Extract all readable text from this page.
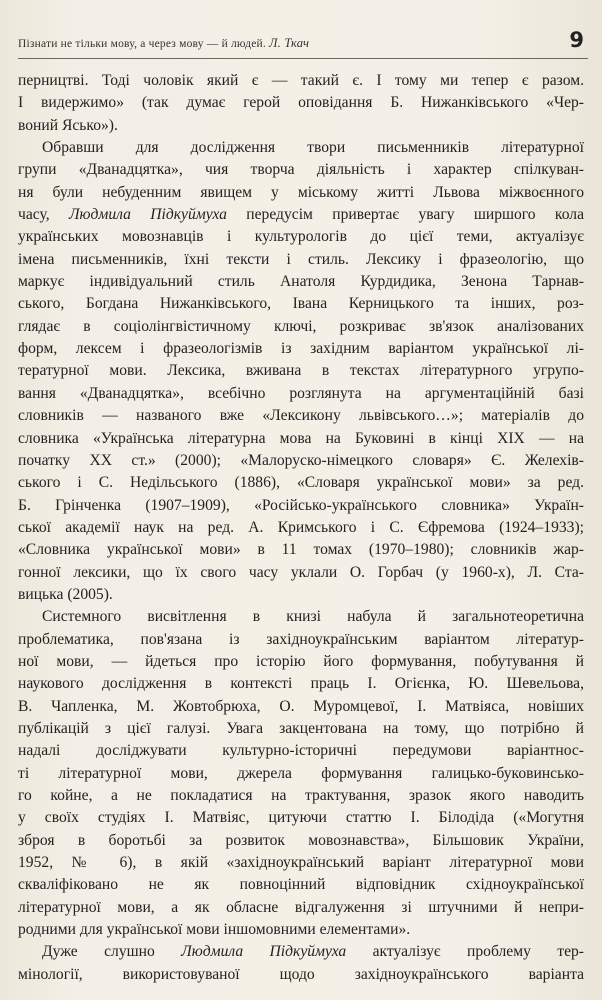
Пізнати не тільки мову, а через мову — й людей. Л. Ткач	9
перництві. Тоді чоловік який є — такий є. І тому ми тепер є разом.
І видержимо» (так думає герой оповідання Б. Нижанківського «Чер-
воний Ясько»).
Обравши для дослідження твори письменників літературної
групи «Дванадцятка», чия творча діяльність і характер спілкуван-
ня були небуденним явищем у міському житті Львова міжвоєнного
часу, Людмила Підкуймуха передусім привертає увагу ширшого кола
українських мовознавців і культурологів до цієї теми, актуалізує
імена письменників, їхні тексти і стиль. Лексику і фразеологію, що
маркує індивідуальний стиль Анатоля Курдидика, Зенона Тарнав-
ського, Богдана Нижанківського, Івана Керницького та інших, роз-
глядає в соціолінгвістичному ключі, розкриває зв'язок аналізованих
форм, лексем і фразеологізмів із західним варіантом української лі-
тературної мови. Лексика, вживана в текстах літературного угрупо-
вання «Дванадцятка», всебічно розглянута на аргументаційній базі
словників — названого вже «Лексикону львівського…»; матеріалів до
словника «Українська літературна мова на Буковині в кінці XIX — на
початку XX ст.» (2000); «Малоруско-німецкого словаря» Є. Желехів-
ського і С. Недільського (1886), «Словаря української мови» за ред.
Б. Грінченка (1907–1909), «Російсько-українського словника» Україн-
ської академії наук на ред. А. Кримського і С. Єфремова (1924–1933);
«Словника української мови» в 11 томах (1970–1980); словників жар-
гонної лексики, що їх свого часу уклали О. Горбач (у 1960-х), Л. Ста-
вицька (2005).
Системного висвітлення в книзі набула й загальнотеоретична
проблематика, пов'язана із західноукраїнським варіантом літератур-
ної мови, — йдеться про історію його формування, побутування й
наукового дослідження в контексті праць І. Огієнка, Ю. Шевельова,
В. Чапленка, М. Жовтобрюха, О. Муромцевої, І. Матвіяса, новіших
публікацій з цієї галузі. Увага закцентована на тому, що потрібно й
надалі досліджувати культурно-історичні передумови варіантнос-
ті літературної мови, джерела формування галицько-буковинсько-
го койне, а не покладатися на трактування, зразок якого наводить
у своїх студіях І. Матвіяс, цитуючи статтю І. Білодіда («Могутня
зброя в боротьбі за розвиток мовознавства», Більшовик України,
1952, № 6), в якій «західноукраїнський варіант літературної мови
скваліфіковано не як повноцінний відповідник східноукраїнської
літературної мови, а як обласне відгалуження зі штучними й непри-
родними для української мови іншомовними елементами».
Дуже слушно Людмила Підкуймуха актуалізує проблему тер-
мінології, використовуваної щодо західноукраїнського варіанта
